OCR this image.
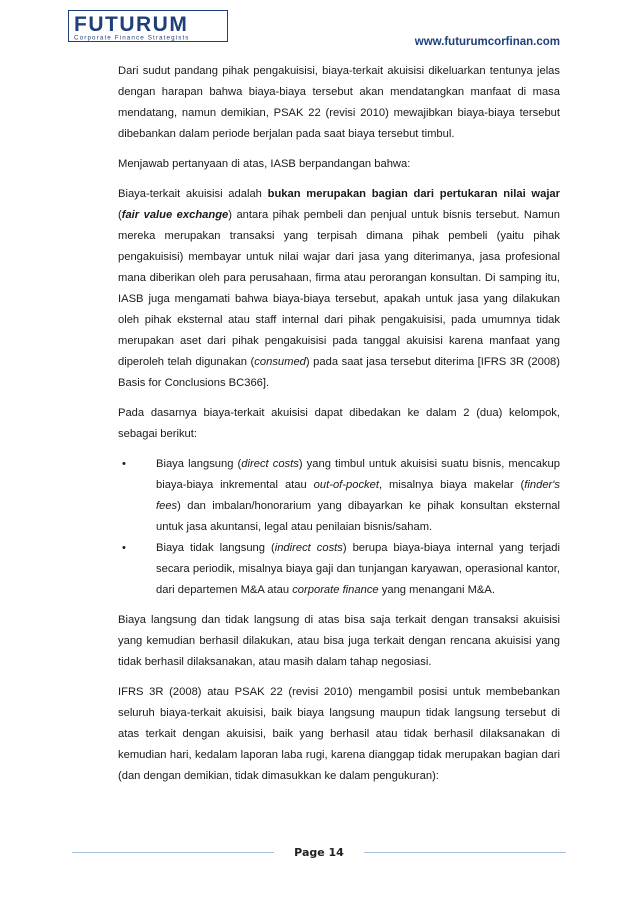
FUTURUM
Corporate Finance Strategists	www.futurumcorfinan.com

Dari sudut pandang pihak pengakuisisi, biaya-terkait akuisisi dikeluarkan tentunya jelas dengan harapan bahwa biaya-biaya tersebut akan mendatangkan manfaat di masa mendatang, namun demikian, PSAK 22 (revisi 2010) mewajibkan biaya-biaya tersebut dibebankan dalam periode berjalan pada saat biaya tersebut timbul.

Menjawab pertanyaan di atas, IASB berpandangan bahwa:

Biaya-terkait akuisisi adalah bukan merupakan bagian dari pertukaran nilai wajar (fair value exchange) antara pihak pembeli dan penjual untuk bisnis tersebut. Namun mereka merupakan transaksi yang terpisah dimana pihak pembeli (yaitu pihak pengakuisisi) membayar untuk nilai wajar dari jasa yang diterimanya, jasa profesional mana diberikan oleh para perusahaan, firma atau perorangan konsultan. Di samping itu, IASB juga mengamati bahwa biaya-biaya tersebut, apakah untuk jasa yang dilakukan oleh pihak eksternal atau staff internal dari pihak pengakuisisi, pada umumnya tidak merupakan aset dari pihak pengakuisisi pada tanggal akuisisi karena manfaat yang diperoleh telah digunakan (consumed) pada saat jasa tersebut diterima [IFRS 3R (2008) Basis for Conclusions BC366].

Pada dasarnya biaya-terkait akuisisi dapat dibedakan ke dalam 2 (dua) kelompok, sebagai berikut:

•	Biaya langsung (direct costs) yang timbul untuk akuisisi suatu bisnis, mencakup biaya-biaya inkremental atau out-of-pocket, misalnya biaya makelar (finder's fees) dan imbalan/honorarium yang dibayarkan ke pihak konsultan eksternal untuk jasa akuntansi, legal atau penilaian bisnis/saham.
•	Biaya tidak langsung (indirect costs) berupa biaya-biaya internal yang terjadi secara periodik, misalnya biaya gaji dan tunjangan karyawan, operasional kantor, dari departemen M&A atau corporate finance yang menangani M&A.

Biaya langsung dan tidak langsung di atas bisa saja terkait dengan transaksi akuisisi yang kemudian berhasil dilakukan, atau bisa juga terkait dengan rencana akuisisi yang tidak berhasil dilaksanakan, atau masih dalam tahap negosiasi.

IFRS 3R (2008) atau PSAK 22 (revisi 2010) mengambil posisi untuk membebankan seluruh biaya-terkait akuisisi, baik biaya langsung maupun tidak langsung tersebut di atas terkait dengan akuisisi, baik yang berhasil atau tidak berhasil dilaksanakan di kemudian hari, kedalam laporan laba rugi, karena dianggap tidak merupakan bagian dari (dan dengan demikian, tidak dimasukkan ke dalam pengukuran):

Page 14
